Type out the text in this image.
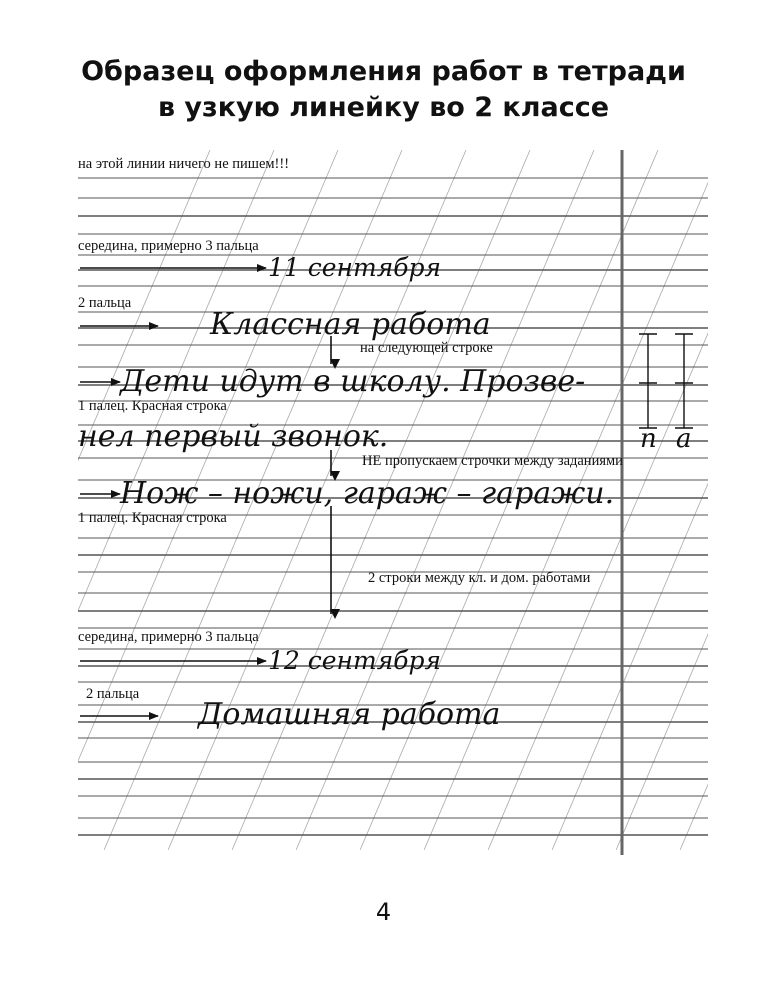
Образец оформления работ в тетради
в узкую линейку во 2 классе
на этой линии ничего не пишем!!!
середина, примерно 3 пальца
2 пальца
на следующей строке
1 палец. Красная строка
НЕ пропускаем строчки между заданиями
1 палец. Красная строка
2 строки между кл. и дом. работами
середина, примерно 3 пальца
2 пальца
11 сентября
Классная работа
Дети идут в школу. Прозве-
нел первый звонок.
Нож – ножи, гараж – гаражи.
12 сентября
Домашняя работа
п а
4
